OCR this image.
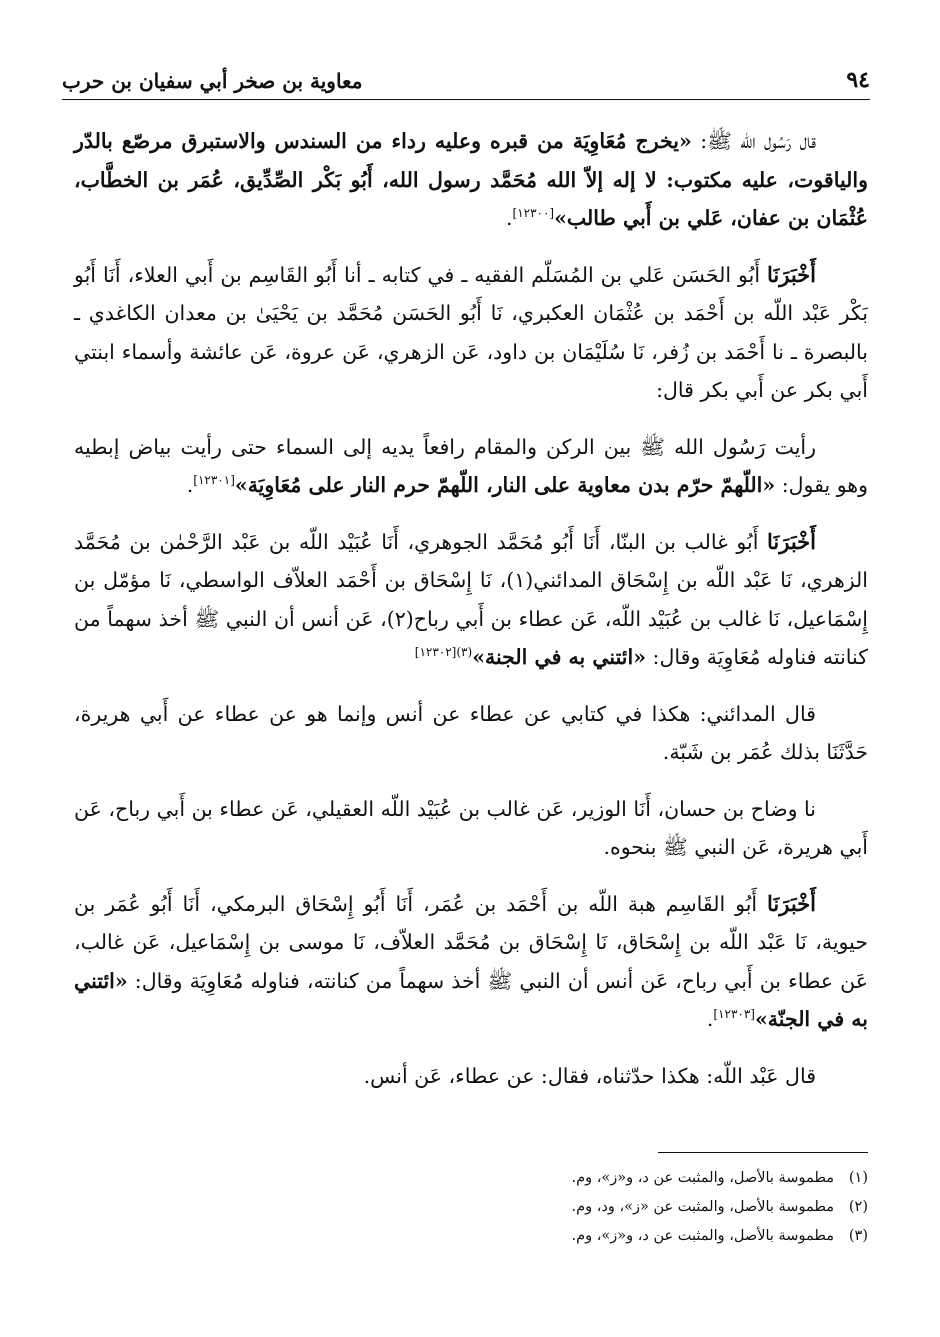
٩٤
معاوية بن صخر أبي سفيان بن حرب

قال رَسُول الله ﷺ: «يخرج مُعَاوِيَة من قبره وعليه رداء من السندس والاستبرق مرصّع بالدّر والياقوت، عليه مكتوب: لا إله إلاّ الله مُحَمَّد رسول الله، أَبُو بَكْر الصِّدِّيق، عُمَر بن الخطَّاب، عُثْمَان بن عفان، عَلي بن أَبي طالب»[١٢٣٠٠].

أَخْبَرَنَا أَبُو الحَسَن عَلي بن المُسَلّم الفقيه ـ في كتابه ـ أنا أَبُو القَاسِم بن أَبي العلاء، أَنَا أَبُو بَكْر عَبْد اللّه بن أَحْمَد بن عُثْمَان العكبري، نَا أَبُو الحَسَن مُحَمَّد بن يَحْيَىٰ بن معدان الكاغدي ـ بالبصرة ـ نا أَحْمَد بن زُفر، نَا سُلَيْمَان بن داود، عَن الزهري، عَن عروة، عَن عائشة وأسماء ابنتي أَبي بكر عن أَبي بكر قال:

رأيت رَسُول الله ﷺ بين الركن والمقام رافعاً يديه إلى السماء حتى رأيت بياض إبطيه وهو يقول: «اللّهمّ حرّم بدن معاوية على النار، اللّهمّ حرم النار على مُعَاوِيَة»[١٢٣٠١].

أَخْبَرَنَا أَبُو غالب بن البنّا، أَنَا أَبُو مُحَمَّد الجوهري، أَنَا عُبَيْد اللّه بن عَبْد الرَّحْمٰن بن مُحَمَّد الزهري، نَا عَبْد اللّه بن إِسْحَاق المدائني(١)، نَا إِسْحَاق بن أَحْمَد العلاّف الواسطي، نَا مؤمّل بن إِسْمَاعيل، نَا غالب بن عُبَيْد اللّه، عَن عطاء بن أَبي رباح(٢)، عَن أنس أن النبي ﷺ أخذ سهماً من كنانته فناوله مُعَاوِيَة وقال: «ائتني به في الجنة»$^{(٣)[١٢٣٠٢]}$

قال المدائني: هكذا في كتابي عن عطاء عن أنس وإنما هو عن عطاء عن أَبي هريرة، حَدَّثَنَا بذلك عُمَر بن شَبّة.

نا وضاح بن حسان، أَنَا الوزير، عَن غالب بن عُبَيْد اللّه العقيلي، عَن عطاء بن أَبي رباح، عَن أَبي هريرة، عَن النبي ﷺ بنحوه.

أَخْبَرَنَا أَبُو القَاسِم هبة اللّه بن أَحْمَد بن عُمَر، أَنَا أَبُو إِسْحَاق البرمكي، أَنَا أَبُو عُمَر بن حيوية، نَا عَبْد اللّه بن إِسْحَاق، نَا إِسْحَاق بن مُحَمَّد العلاّف، نَا موسى بن إِسْمَاعيل، عَن غالب، عَن عطاء بن أَبي رباح، عَن أنس أن النبي ﷺ أخذ سهماً من كنانته، فناوله مُعَاوِيَة وقال: «ائتني به في الجنّة»[١٢٣٠٣].

قال عَبْد اللّه: هكذا حدّثناه، فقال: عن عطاء، عَن أنس.

(١)مطموسة بالأصل، والمثبت عن د، و«ز»، وم.

(٢)مطموسة بالأصل، والمثبت عن «ز»، ود، وم.

(٣)مطموسة بالأصل، والمثبت عن د، و«ز»، وم.
